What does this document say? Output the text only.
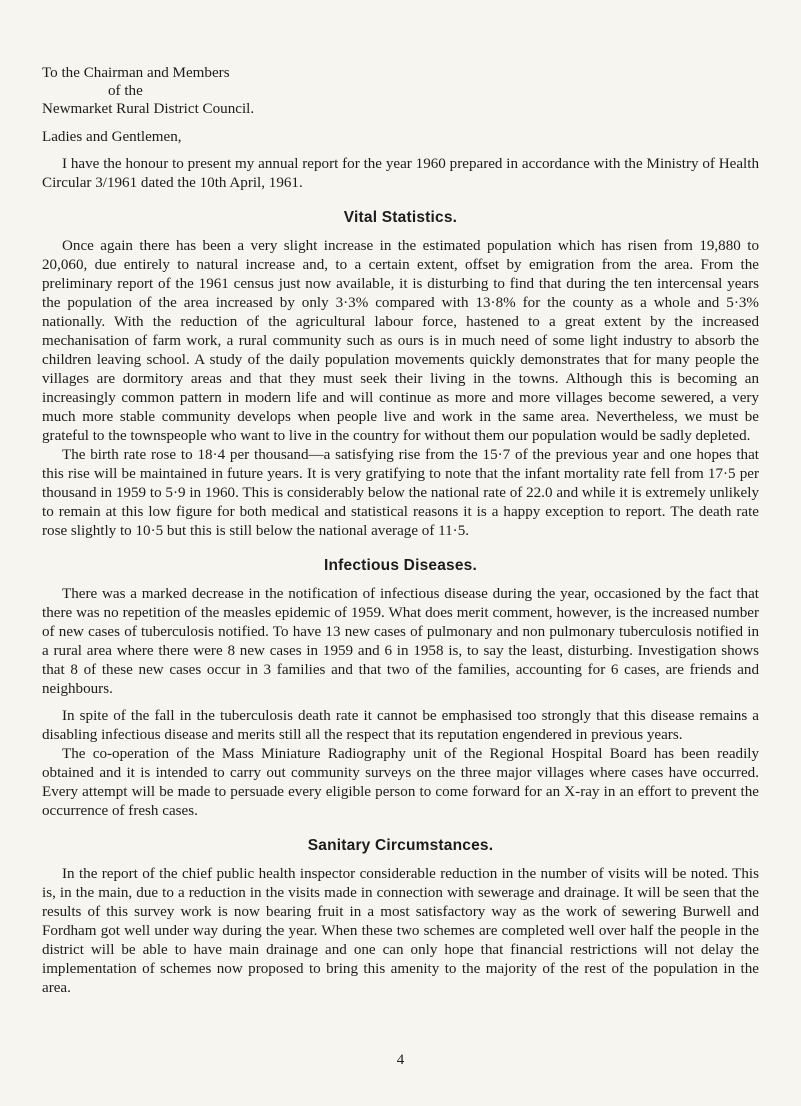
To the Chairman and Members

of the

Newmarket Rural District Council.

Ladies and Gentlemen,

I have the honour to present my annual report for the year 1960 prepared in accordance with the Ministry of Health Circular 3/1961 dated the 10th April, 1961.

Vital Statistics.

Once again there has been a very slight increase in the estimated population which has risen from 19,880 to 20,060, due entirely to natural increase and, to a certain extent, offset by emigration from the area. From the preliminary report of the 1961 census just now available, it is disturbing to find that during the ten intercensal years the population of the area increased by only 3·3% compared with 13·8% for the county as a whole and 5·3% nationally. With the reduction of the agricultural labour force, hastened to a great extent by the increased mechanisation of farm work, a rural community such as ours is in much need of some light industry to absorb the children leaving school. A study of the daily population movements quickly demonstrates that for many people the villages are dormitory areas and that they must seek their living in the towns. Although this is becoming an increasingly common pattern in modern life and will continue as more and more villages become sewered, a very much more stable community develops when people live and work in the same area. Nevertheless, we must be grateful to the townspeople who want to live in the country for without them our population would be sadly depleted.

The birth rate rose to 18·4 per thousand—a satisfying rise from the 15·7 of the previous year and one hopes that this rise will be maintained in future years. It is very gratifying to note that the infant mortality rate fell from 17·5 per thousand in 1959 to 5·9 in 1960. This is considerably below the national rate of 22.0 and while it is extremely unlikely to remain at this low figure for both medical and statistical reasons it is a happy exception to report. The death rate rose slightly to 10·5 but this is still below the national average of 11·5.

Infectious Diseases.

There was a marked decrease in the notification of infectious disease during the year, occasioned by the fact that there was no repetition of the measles epidemic of 1959. What does merit comment, however, is the increased number of new cases of tuberculosis notified. To have 13 new cases of pulmonary and non pulmonary tuberculosis notified in a rural area where there were 8 new cases in 1959 and 6 in 1958 is, to say the least, disturbing. Investigation shows that 8 of these new cases occur in 3 families and that two of the families, accounting for 6 cases, are friends and neighbours.

In spite of the fall in the tuberculosis death rate it cannot be emphasised too strongly that this disease remains a disabling infectious disease and merits still all the respect that its reputation engendered in previous years.

The co-operation of the Mass Miniature Radiography unit of the Regional Hospital Board has been readily obtained and it is intended to carry out community surveys on the three major villages where cases have occurred. Every attempt will be made to persuade every eligible person to come forward for an X-ray in an effort to prevent the occurrence of fresh cases.

Sanitary Circumstances.

In the report of the chief public health inspector considerable reduction in the number of visits will be noted. This is, in the main, due to a reduction in the visits made in connection with sewerage and drainage. It will be seen that the results of this survey work is now bearing fruit in a most satisfactory way as the work of sewering Burwell and Fordham got well under way during the year. When these two schemes are completed well over half the people in the district will be able to have main drainage and one can only hope that financial restrictions will not delay the implementation of schemes now proposed to bring this amenity to the majority of the rest of the population in the area.

4
